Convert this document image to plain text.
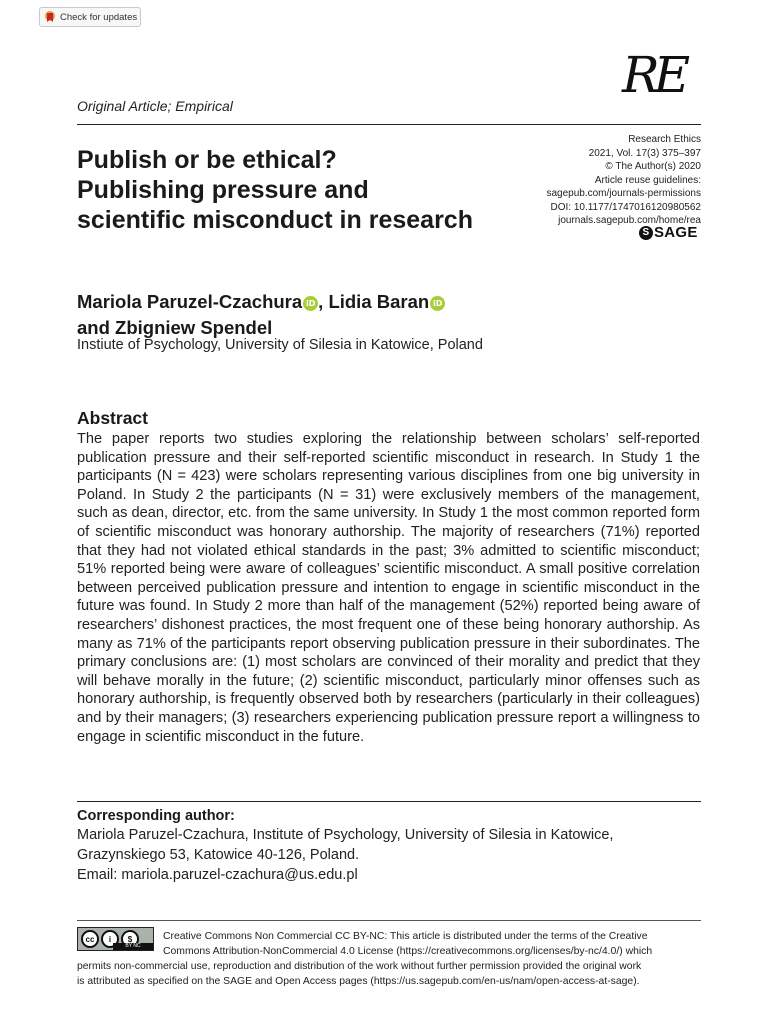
Check for updates
RE
Original Article; Empirical
Publish or be ethical?
Publishing pressure and
scientific misconduct in research
Research Ethics
2021, Vol. 17(3) 375–397
© The Author(s) 2020
Article reuse guidelines:
sagepub.com/journals-permissions
DOI: 10.1177/1747016120980562
journals.sagepub.com/home/rea
S SAGE
Mariola Paruzel-Czachura iD , Lidia Baran iD
and Zbigniew Spendel
Instiute of Psychology, University of Silesia in Katowice, Poland
Abstract
The paper reports two studies exploring the relationship between scholars’ self-reported publication pressure and their self-reported scientific misconduct in research. In Study 1 the participants (N = 423) were scholars representing various disciplines from one big university in Poland. In Study 2 the participants (N = 31) were exclusively members of the management, such as dean, director, etc. from the same university. In Study 1 the most common reported form of scientific misconduct was honorary authorship. The majority of researchers (71%) reported that they had not violated ethical standards in the past; 3% admitted to scientific misconduct; 51% reported being were aware of colleagues’ scientific misconduct. A small positive correlation between perceived publication pressure and intention to engage in scientific misconduct in the future was found. In Study 2 more than half of the management (52%) reported being aware of researchers’ dishonest practices, the most frequent one of these being honorary authorship. As many as 71% of the participants report observing publication pressure in their subordinates. The primary conclusions are: (1) most scholars are convinced of their morality and predict that they will behave morally in the future; (2) scientific misconduct, particularly minor offenses such as honorary authorship, is frequently observed both by researchers (particularly in their colleagues) and by their managers; (3) researchers experiencing publication pressure report a willingness to engage in scientific misconduct in the future.
Corresponding author:
Mariola Paruzel-Czachura, Institute of Psychology, University of Silesia in Katowice,
Grazynskiego 53, Katowice 40-126, Poland.
Email: mariola.paruzel-czachura@us.edu.pl
cc	i	$
BY NC
Creative Commons Non Commercial CC BY-NC: This article is distributed under the terms of the Creative
Commons Attribution-NonCommercial 4.0 License (https://creativecommons.org/licenses/by-nc/4.0/) which
permits non-commercial use, reproduction and distribution of the work without further permission provided the original work
is attributed as specified on the SAGE and Open Access pages (https://us.sagepub.com/en-us/nam/open-access-at-sage).
